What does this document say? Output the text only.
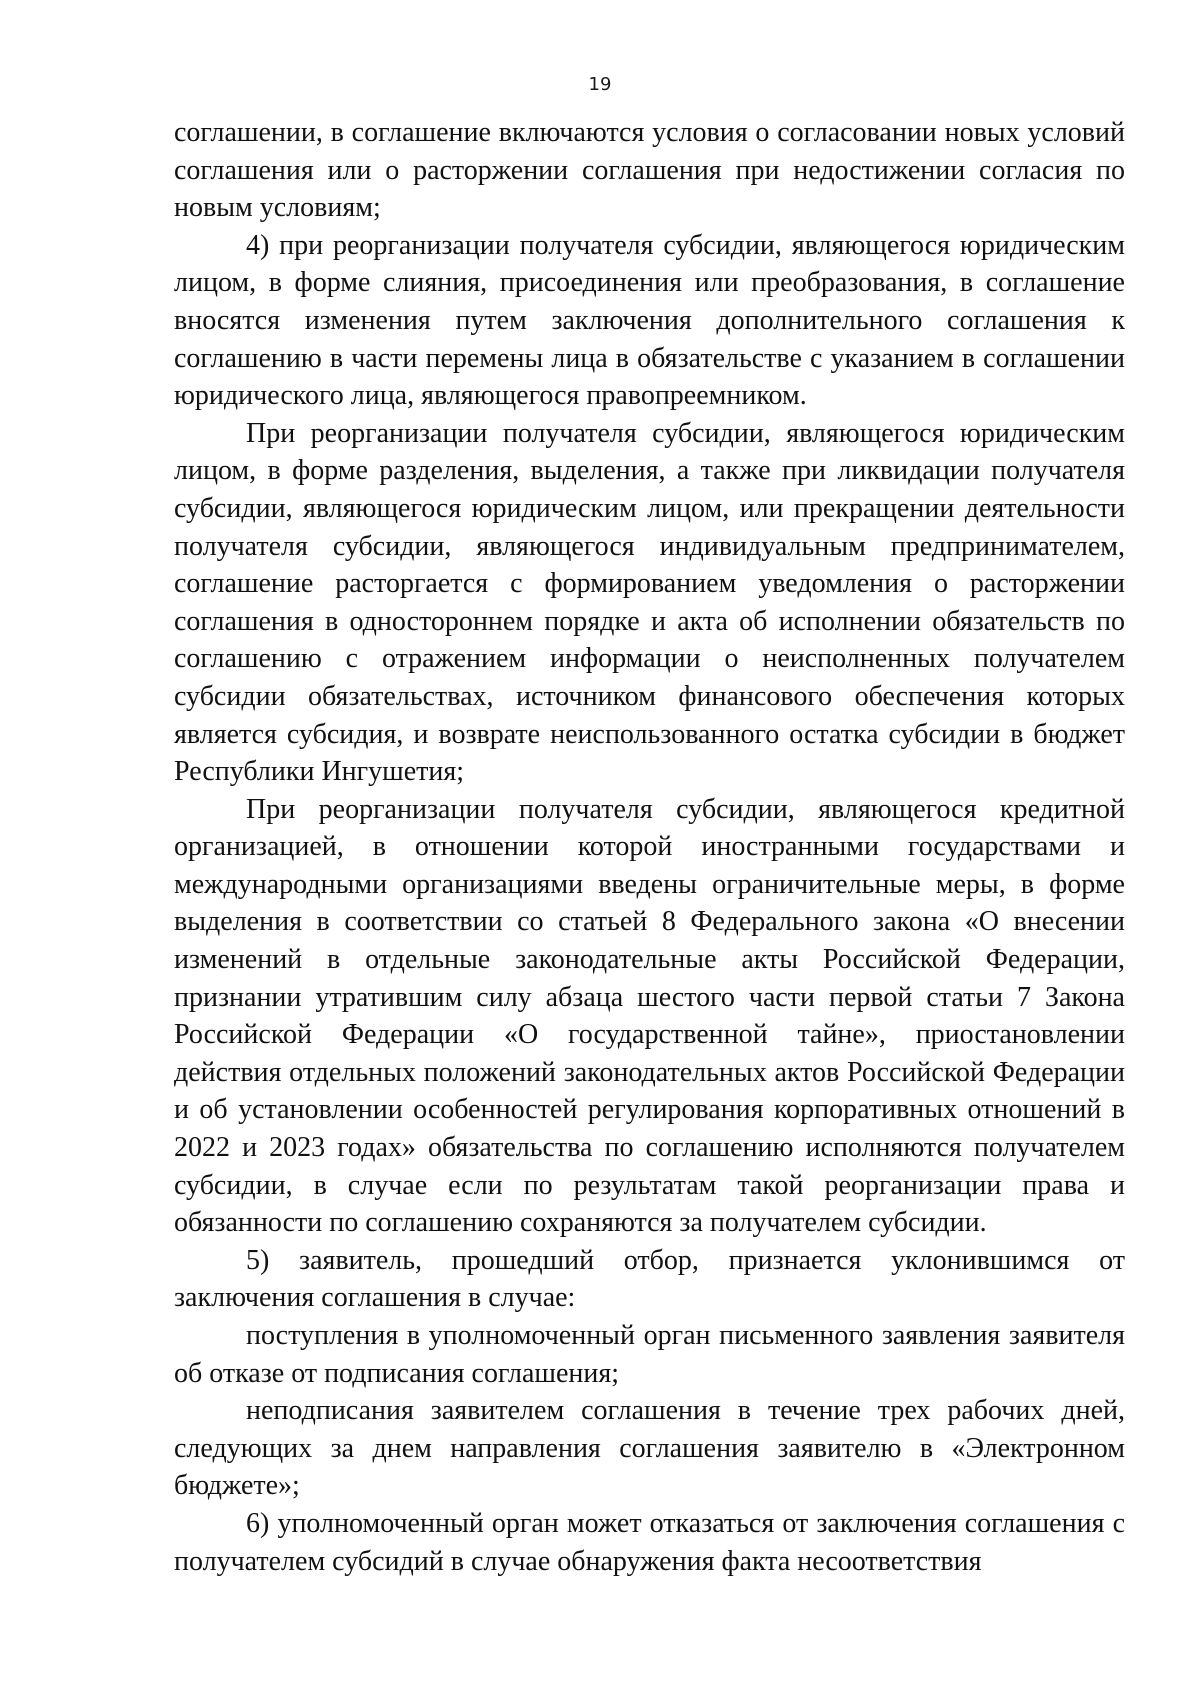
19

соглашении, в соглашение включаются условия о согласовании новых условий соглашения или о расторжении соглашения при недостижении согласия по новым условиям;

4) при реорганизации получателя субсидии, являющегося юридическим лицом, в форме слияния, присоединения или преобразования, в соглашение вносятся изменения путем заключения дополнительного соглашения к соглашению в части перемены лица в обязательстве с указанием в соглашении юридического лица, являющегося правопреемником.

При реорганизации получателя субсидии, являющегося юридическим лицом, в форме разделения, выделения, а также при ликвидации получателя субсидии, являющегося юридическим лицом, или прекращении деятельности получателя субсидии, являющегося индивидуальным предпринимателем, соглашение расторгается с формированием уведомления о расторжении соглашения в одностороннем порядке и акта об исполнении обязательств по соглашению с отражением информации о неисполненных получателем субсидии обязательствах, источником финансового обеспечения которых является субсидия, и возврате неиспользованного остатка субсидии в бюджет Республики Ингушетия;

При реорганизации получателя субсидии, являющегося кредитной организацией, в отношении которой иностранными государствами и международными организациями введены ограничительные меры, в форме выделения в соответствии со статьей 8 Федерального закона «О внесении изменений в отдельные законодательные акты Российской Федерации, признании утратившим силу абзаца шестого части первой статьи 7 Закона Российской Федерации «О государственной тайне», приостановлении действия отдельных положений законодательных актов Российской Федерации и об установлении особенностей регулирования корпоративных отношений в 2022 и 2023 годах» обязательства по соглашению исполняются получателем субсидии, в случае если по результатам такой реорганизации права и обязанности по соглашению сохраняются за получателем субсидии.

5) заявитель, прошедший отбор, признается уклонившимся от заключения соглашения в случае:

поступления в уполномоченный орган письменного заявления заявителя об отказе от подписания соглашения;

неподписания заявителем соглашения в течение трех рабочих дней, следующих за днем направления соглашения заявителю в «Электронном бюджете»;

6) уполномоченный орган может отказаться от заключения соглашения с получателем субсидий в случае обнаружения факта несоответствия
